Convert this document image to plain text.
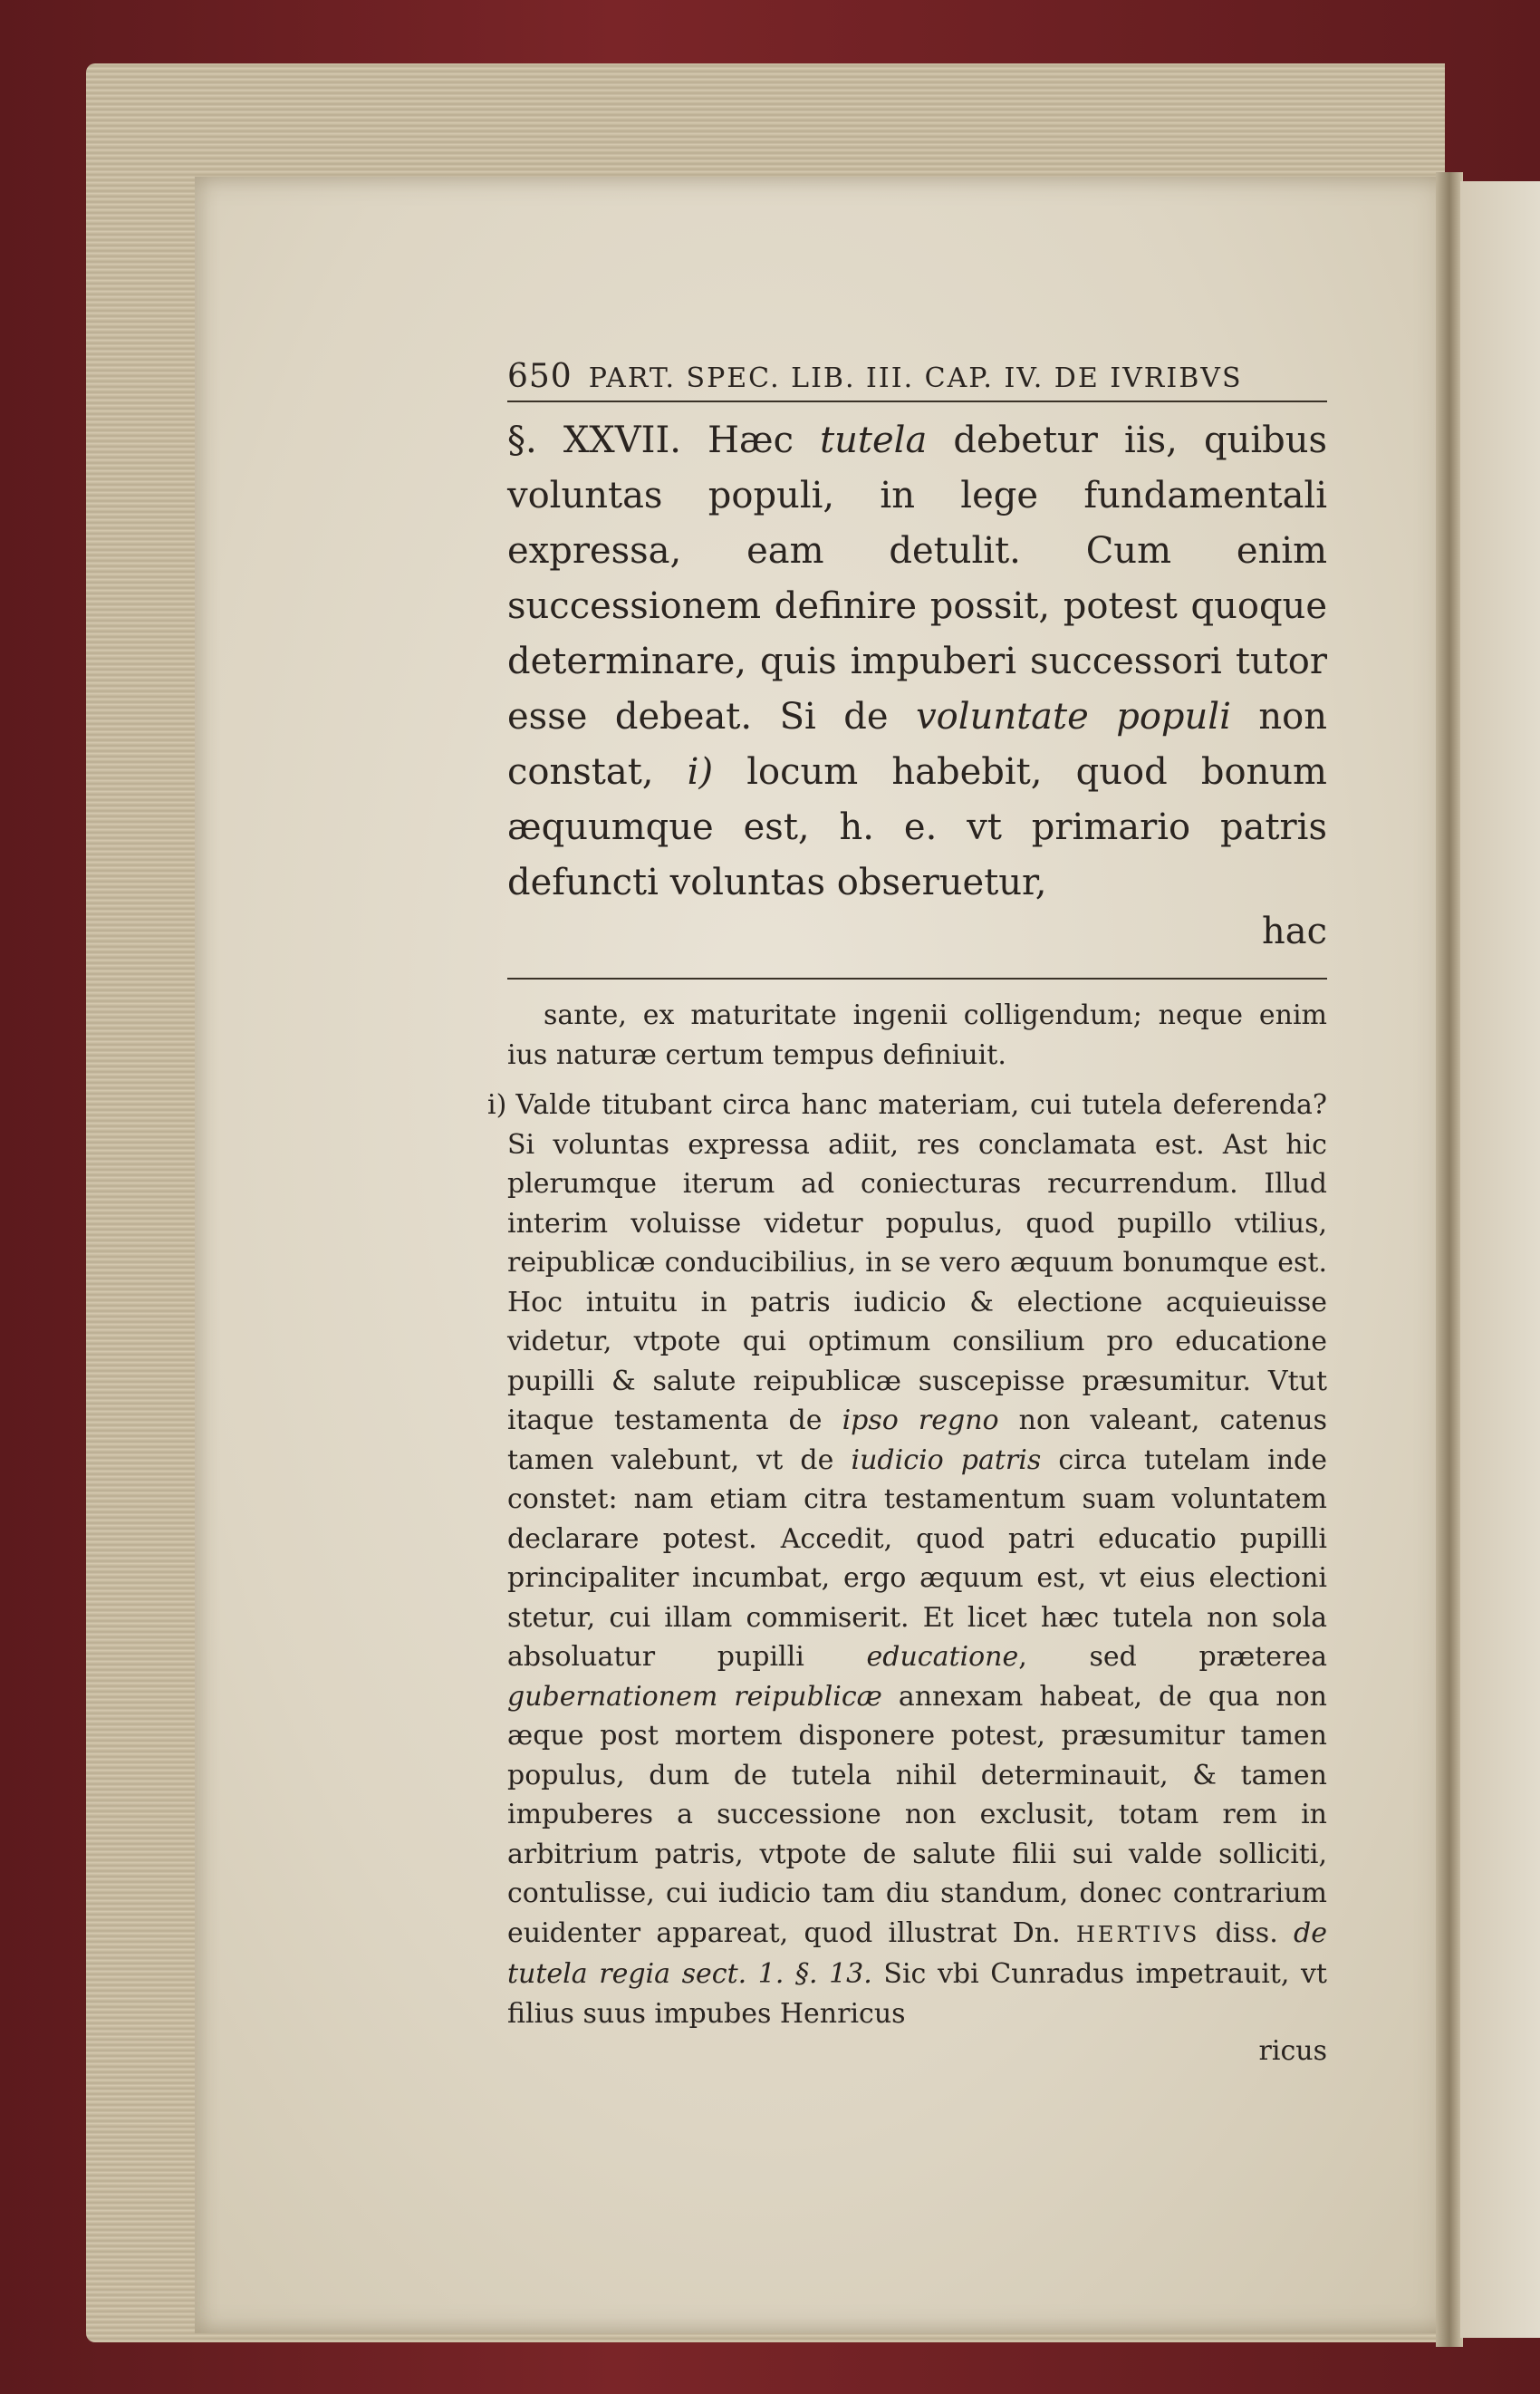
650 PART. SPEC. LIB. III. CAP. IV. DE IVRIBVS
§. XXVII. Hæc tutela debetur iis, quibus voluntas populi, in lege fundamentali expressa, eam detulit. Cum enim successionem definire possit, potest quoque determinare, quis impuberi successori tutor esse debeat. Si de voluntate populi non constat, i) locum habebit, quod bonum æquumque est, h. e. vt primario patris defuncti voluntas obseruetur,
hac
sante, ex maturitate ingenii colligendum; neque enim ius naturæ certum tempus definiuit.
i) Valde titubant circa hanc materiam, cui tutela deferenda? Si voluntas expressa adiit, res conclamata est. Ast hic plerumque iterum ad coniecturas recurrendum. Illud interim voluisse videtur populus, quod pupillo vtilius, reipublicæ conducibilius, in se vero æquum bonumque est. Hoc intuitu in patris iudicio & electione acquieuisse videtur, vtpote qui optimum consilium pro educatione pupilli & salute reipublicæ suscepisse præsumitur. Vtut itaque testamenta de ipso regno non valeant, catenus tamen valebunt, vt de iudicio patris circa tutelam inde constet: nam etiam citra testamentum suam voluntatem declarare potest. Accedit, quod patri educatio pupilli principaliter incumbat, ergo æquum est, vt eius electioni stetur, cui illam commiserit. Et licet hæc tutela non sola absoluatur pupilli educatione, sed præterea gubernationem reipublicæ annexam habeat, de qua non æque post mortem disponere potest, præsumitur tamen populus, dum de tutela nihil determinauit, & tamen impuberes a successione non exclusit, totam rem in arbitrium patris, vtpote de salute filii sui valde solliciti, contulisse, cui iudicio tam diu standum, donec contrarium euidenter appareat, quod illustrat Dn. HERTIVS diss. de tutela regia sect. 1. §. 13. Sic vbi Cunradus impetrauit, vt filius suus impubes Henricus
ricus
